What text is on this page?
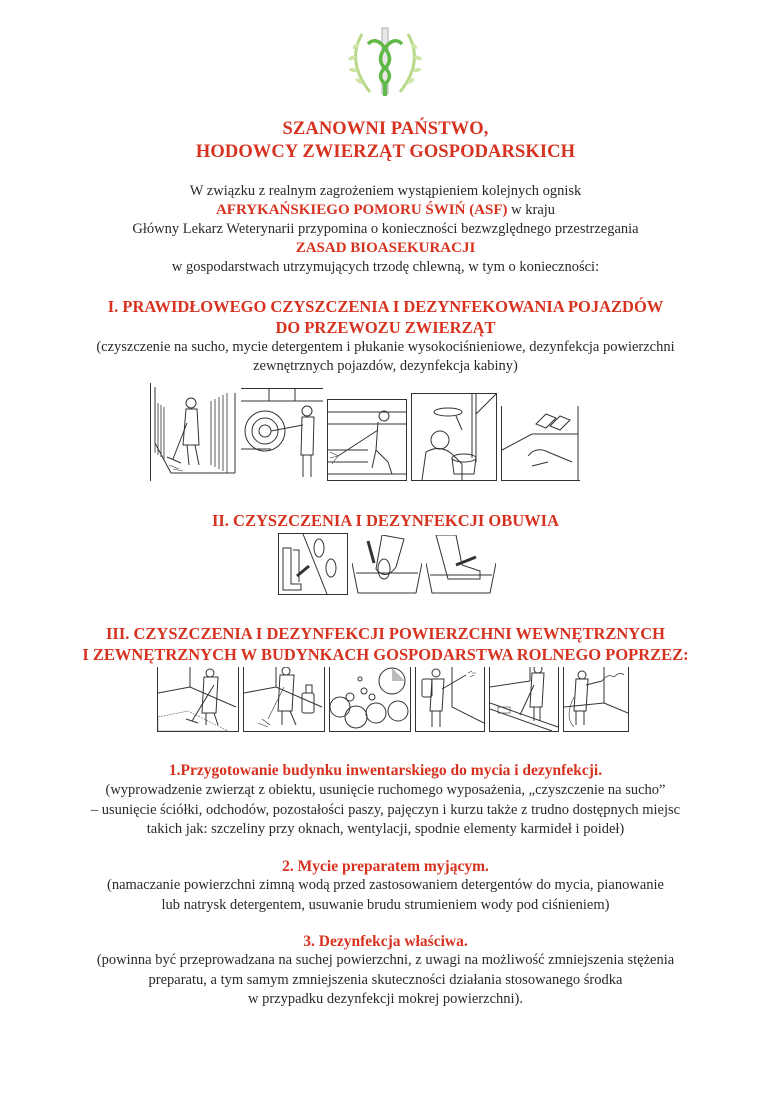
SZANOWNI PAŃSTWO,
HODOWCY ZWIERZĄT GOSPODARSKICH
W związku z realnym zagrożeniem wystąpieniem kolejnych ognisk
AFRYKAŃSKIEGO POMORU ŚWIŃ (ASF) w kraju
Główny Lekarz Weterynarii przypomina o konieczności bezwzględnego przestrzegania
ZASAD BIOASEKURACJI
w gospodarstwach utrzymujących trzodę chlewną, w tym o konieczności:
I. PRAWIDŁOWEGO CZYSZCZENIA I DEZYNFEKOWANIA POJAZDÓW
DO PRZEWOZU ZWIERZĄT
(czyszczenie na sucho, mycie detergentem i płukanie wysokociśnieniowe, dezynfekcja powierzchni
zewnętrznych pojazdów, dezynfekcja kabiny)
II. CZYSZCZENIA I DEZYNFEKCJI OBUWIA
III. CZYSZCZENIA I DEZYNFEKCJI POWIERZCHNI WEWNĘTRZNYCH
I ZEWNĘTRZNYCH W BUDYNKACH GOSPODARSTWA ROLNEGO POPRZEZ:
1.Przygotowanie budynku inwentarskiego do mycia i dezynfekcji.
(wyprowadzenie zwierząt z obiektu, usunięcie ruchomego wyposażenia, „czyszczenie na sucho”
– usunięcie ściółki, odchodów, pozostałości paszy, pajęczyn i kurzu także z trudno dostępnych miejsc
takich jak: szczeliny przy oknach, wentylacji, spodnie elementy karmideł i poideł)
2. Mycie preparatem myjącym.
(namaczanie powierzchni zimną wodą przed zastosowaniem detergentów do mycia, pianowanie
lub natrysk detergentem, usuwanie brudu strumieniem wody pod ciśnieniem)
3. Dezynfekcja właściwa.
(powinna być przeprowadzana na suchej powierzchni, z uwagi na możliwość zmniejszenia stężenia
preparatu, a tym samym zmniejszenia skuteczności działania stosowanego środka
w przypadku dezynfekcji mokrej powierzchni).
